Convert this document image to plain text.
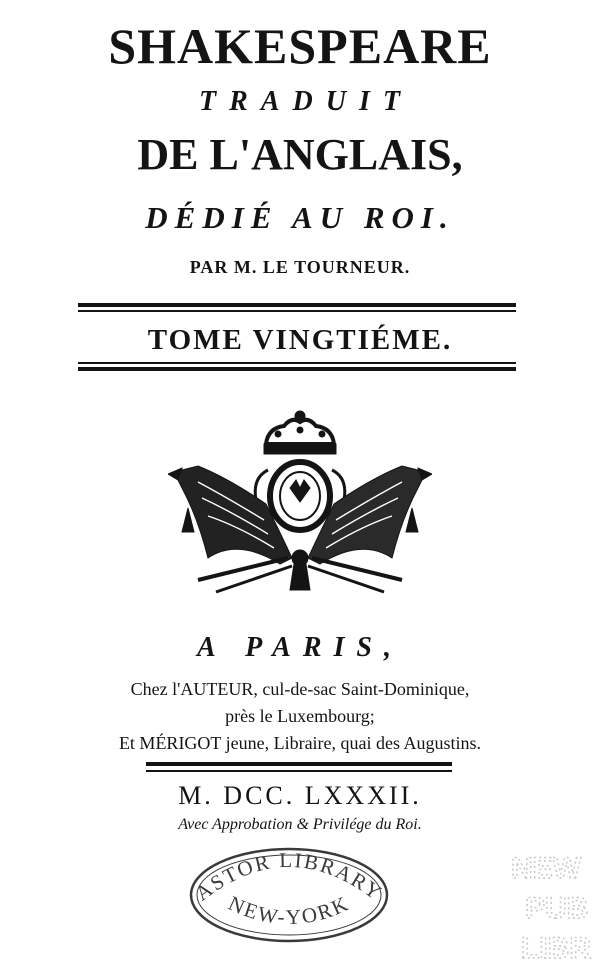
SHAKESPEARE
TRADUIT
DE L'ANGLAIS,
DÉDIÉ AU ROI.
PAR M. LE TOURNEUR.
TOME VINGTIÉME.
A PARIS,
Chez l'AUTEUR, cul-de-sac Saint-Dominique,
près le Luxembourg;
Et MÉRIGOT jeune, Libraire, quai des Augustins.
M. DCC. LXXXII.
Avec Approbation & Privilége du Roi.
ASTOR LIBRARY
NEW-YORK
NEW
PUB
LIBR
